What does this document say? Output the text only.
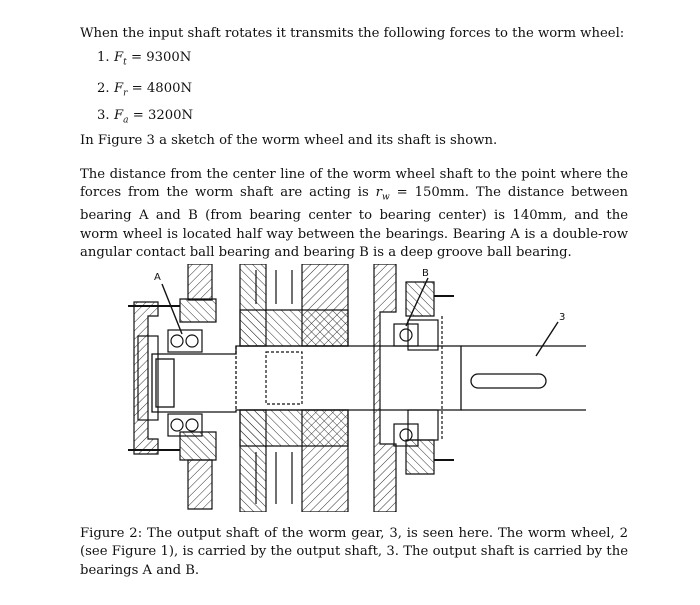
When the input shaft rotates it transmits the following forces to the worm wheel:
1. $F_t = 9300N$
2. $F_r = 4800N$
3. $F_a = 3200N$
In Figure 3 a sketch of the worm wheel and its shaft is shown.
The distance from the center line of the worm wheel shaft to the point where the forces from the worm shaft are acting is $r_w = 150mm$. The distance between bearing A and B (from bearing center to bearing center) is 140mm, and the worm wheel is located half way between the bearings. Bearing A is a double-row angular contact ball bearing and bearing B is a deep groove ball bearing.
A	B
3
Figure 2: The output shaft of the worm gear, 3, is seen here. The worm wheel, 2 (see Figure 1), is carried by the output shaft, 3. The output shaft is carried by the bearings A and B.
